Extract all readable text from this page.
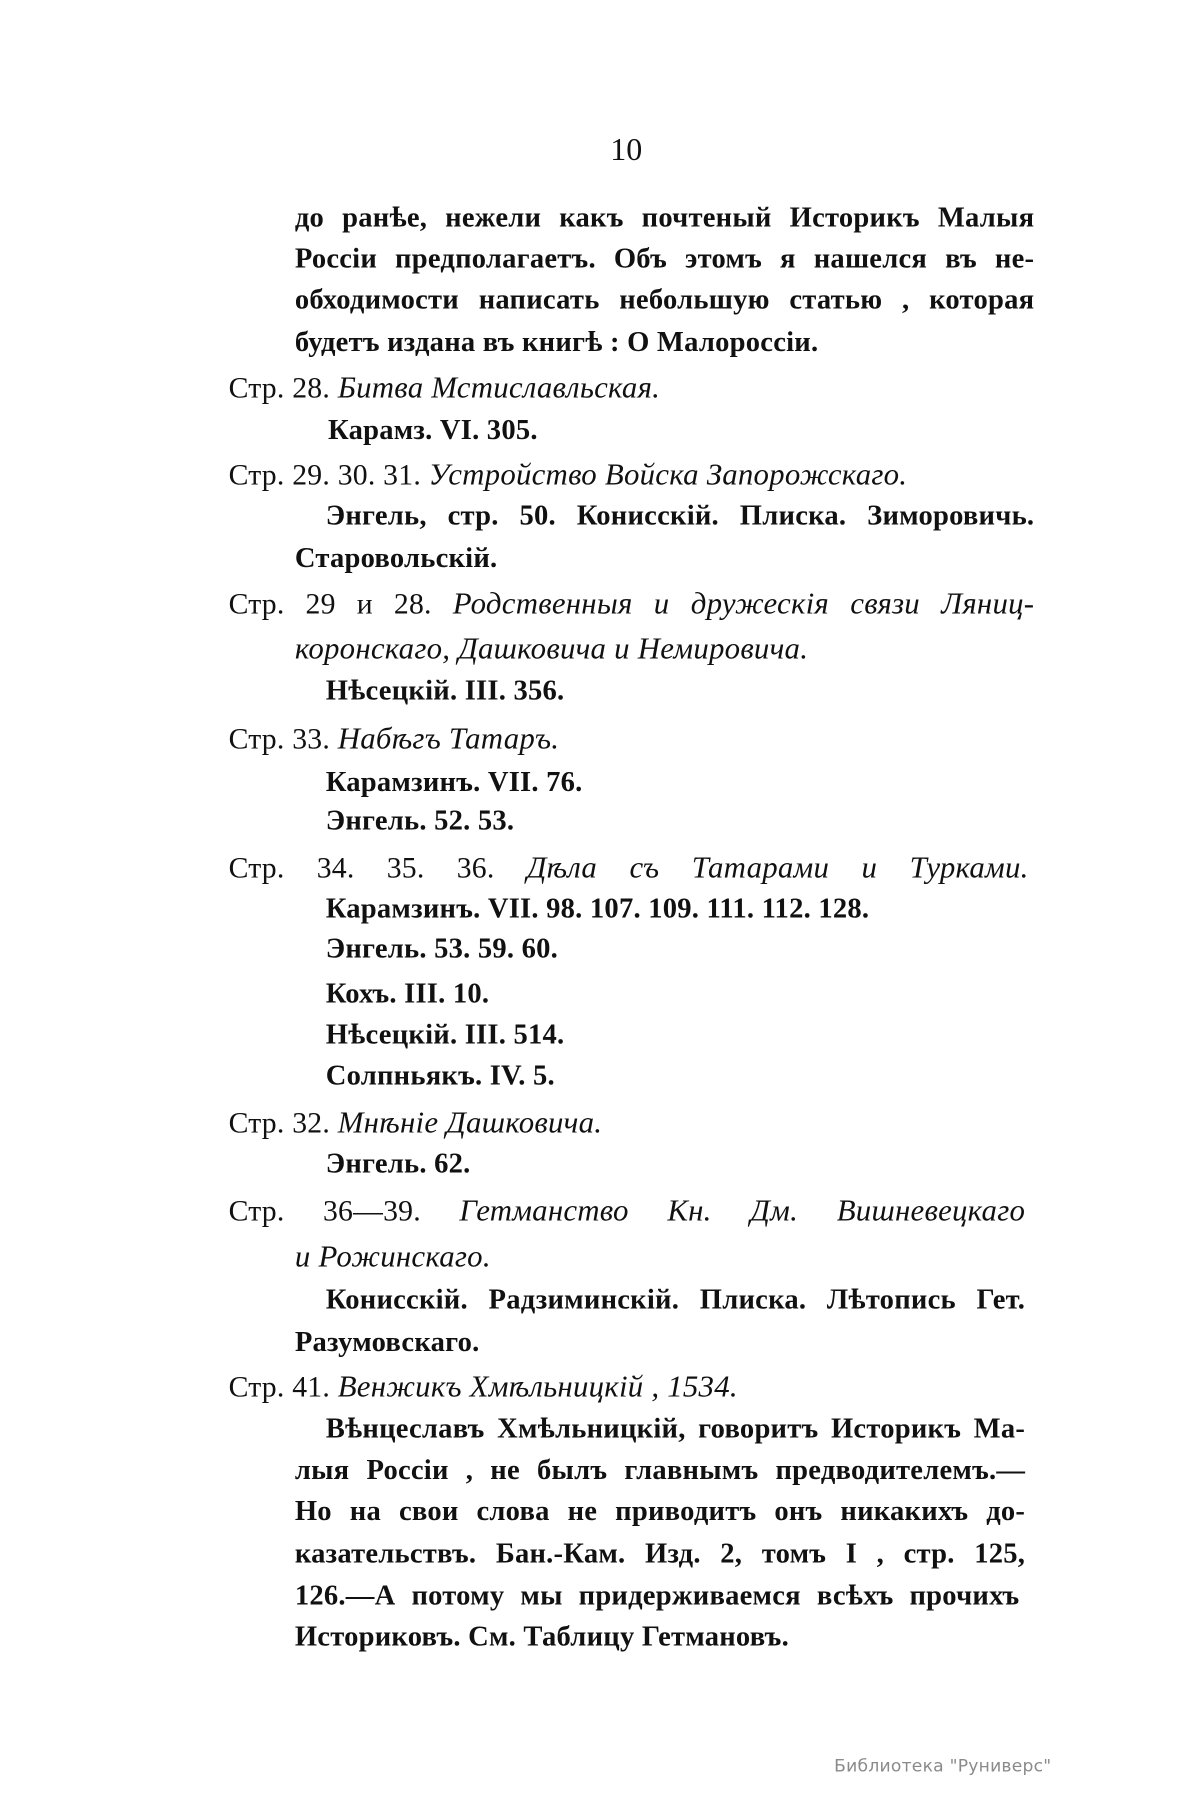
10
до ранѣе, нежели какъ почтеный Историкъ Малыя
Россіи предполагаетъ. Объ этомъ я нашелся въ не-
обходимости написать небольшую статью , которая
будетъ издана въ книгѣ : О Малороссіи.
Стр. 28. Битва Мстиславльская.
Карамз. VI. 305.
Стр. 29. 30. 31. Устройство Войска Запорожскаго.
Энгель, стр. 50. Конисскій. Плиска. Зиморовичь.
Старовольскій.
Стр. 29 и 28. Родственныя и дружескія связи Ляниц-
коронскаго, Дашковича и Немировича.
Нѣсецкій. III. 356.
Стр. 33. Набѣгъ Татаръ.
Карамзинъ. VII. 76.
Энгель. 52. 53.
Стр. 34. 35. 36. Дѣла съ Татарами и Турками.
Карамзинъ. VII. 98. 107. 109. 111. 112. 128.
Энгель. 53. 59. 60.
Кохъ. III. 10.
Нѣсецкій. III. 514.
Солпньякъ. IV. 5.
Стр. 32. Мнѣніе Дашковича.
Энгель. 62.
Стр. 36—39. Гетманство Кн. Дм. Вишневецкаго
и Рожинскаго.
Конисскій. Радзиминскій. Плиска. Лѣтопись Гет.
Разумовскаго.
Стр. 41. Венжикъ Хмѣльницкій , 1534.
Вѣнцеславъ Хмѣльницкій, говоритъ Историкъ Ма-
лыя Россіи , не былъ главнымъ предводителемъ.—
Но на свои слова не приводитъ онъ никакихъ до-
казательствъ. Бан.-Кам. Изд. 2, томъ I , стр. 125,
126.—А потому мы придерживаемся всѣхъ прочихъ
Историковъ. См. Таблицу Гетмановъ.
Библиотека "Руниверс"
